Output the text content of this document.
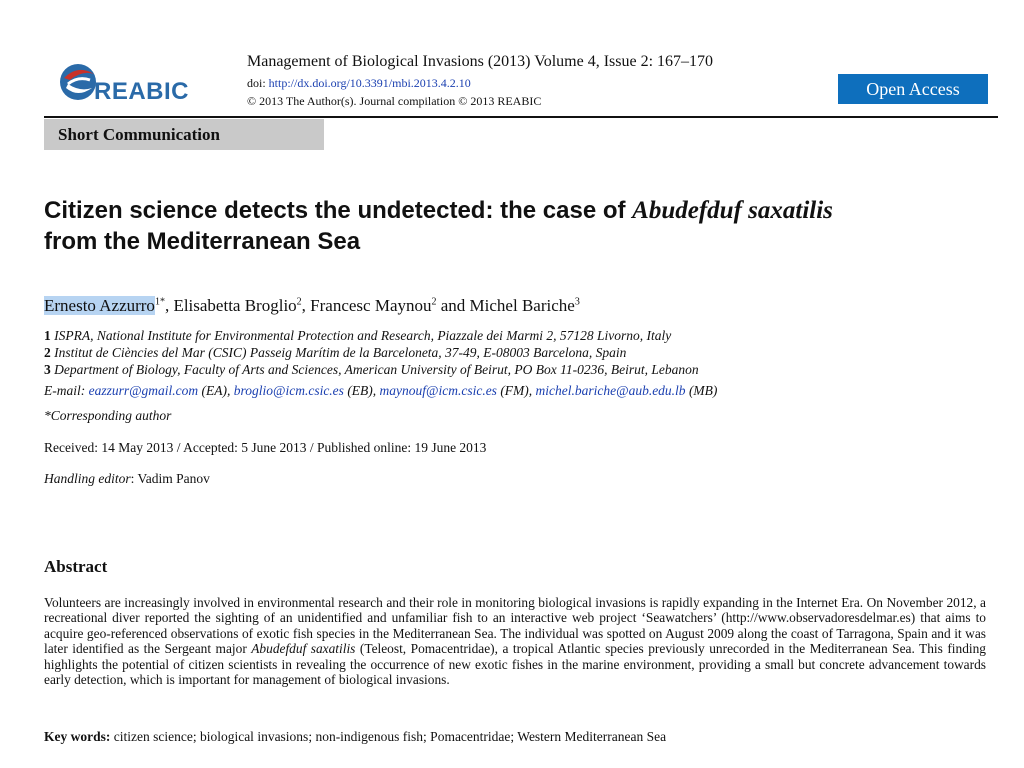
REABIC
Management of Biological Invasions (2013) Volume 4, Issue 2: 167–170
doi: http://dx.doi.org/10.3391/mbi.2013.4.2.10
© 2013 The Author(s). Journal compilation © 2013 REABIC
Open Access
Short Communication
Citizen science detects the undetected: the case of Abudefduf saxatilis
from the Mediterranean Sea
Ernesto Azzurro$^{1*}$, Elisabetta Broglio$^2$, Francesc Maynou$^2$ and Michel Bariche$^3$
1 ISPRA, National Institute for Environmental Protection and Research, Piazzale dei Marmi 2, 57128 Livorno, Italy
2 Institut de Ciències del Mar (CSIC) Passeig Marítim de la Barceloneta, 37-49, E-08003 Barcelona, Spain
3 Department of Biology, Faculty of Arts and Sciences, American University of Beirut, PO Box 11-0236, Beirut, Lebanon
E-mail: eazzurr@gmail.com (EA), broglio@icm.csic.es (EB), maynouf@icm.csic.es (FM), michel.bariche@aub.edu.lb (MB)
*Corresponding author
Received: 14 May 2013 / Accepted: 5 June 2013 / Published online: 19 June 2013
Handling editor: Vadim Panov
Abstract
Volunteers are increasingly involved in environmental research and their role in monitoring biological invasions is rapidly expanding in the Internet Era. On November 2012, a recreational diver reported the sighting of an unidentified and unfamiliar fish to an interactive web project ‘Seawatchers’ (http://www.observadoresdelmar.es) that aims to acquire geo-referenced observations of exotic fish species in the Mediterranean Sea. The individual was spotted on August 2009 along the coast of Tarragona, Spain and it was later identified as the Sergeant major Abudefduf saxatilis (Teleost, Pomacentridae), a tropical Atlantic species previously unrecorded in the Mediterranean Sea. This finding highlights the potential of citizen scientists in revealing the occurrence of new exotic fishes in the marine environment, providing a small but concrete advancement towards early detection, which is important for management of biological invasions.
Key words: citizen science; biological invasions; non-indigenous fish; Pomacentridae; Western Mediterranean Sea
